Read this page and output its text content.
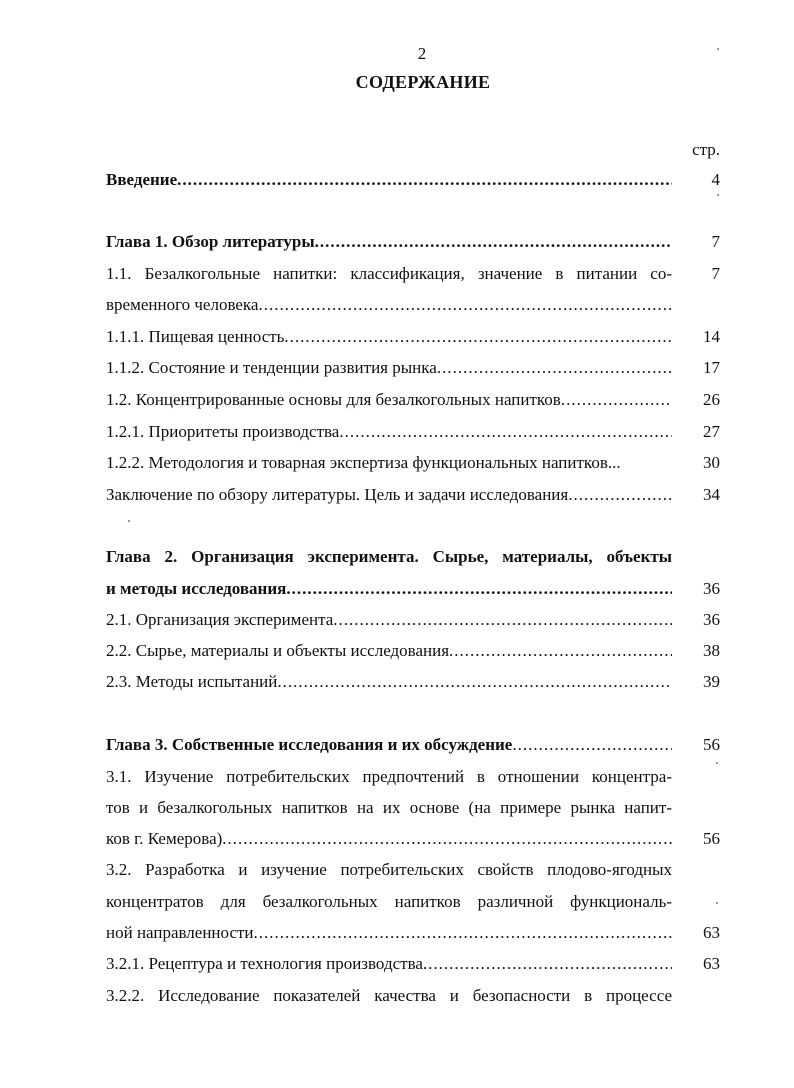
2
СОДЕРЖАНИЕ
стр.
Введение .....	4
Глава 1. Обзор литературы .....	7
1.1. Безалкогольные напитки: классификация, значение в питании со-	7
временного человека
.....
1.1.1. Пищевая ценность .....	14
1.1.2. Состояние и тенденции развития рынка .....	17
1.2. Концентрированные основы для безалкогольных напитков .....	26
1.2.1. Приоритеты производства .....	27
1.2.2. Методология и товарная экспертиза функциональных напитков...	30
Заключение по обзору литературы. Цель и задачи исследования .....	34
Глава 2. Организация эксперимента. Сырье, материалы, объекты
и методы исследования .....	36
2.1. Организация эксперимента .....	36
2.2. Сырье, материалы и объекты исследования .....	38
2.3. Методы испытаний .....	39
Глава 3. Собственные исследования и их обсуждение .....	56
3.1. Изучение потребительских предпочтений в отношении концентра-
тов и безалкогольных напитков на их основе (на примере рынка напит-
ков г. Кемерова) .....	56
3.2. Разработка и изучение потребительских свойств плодово-ягодных
концентратов для безалкогольных напитков различной функциональ-
ной направленности .....	63
3.2.1. Рецептура и технология производства .....	63
3.2.2. Исследование показателей качества и безопасности в процессе
